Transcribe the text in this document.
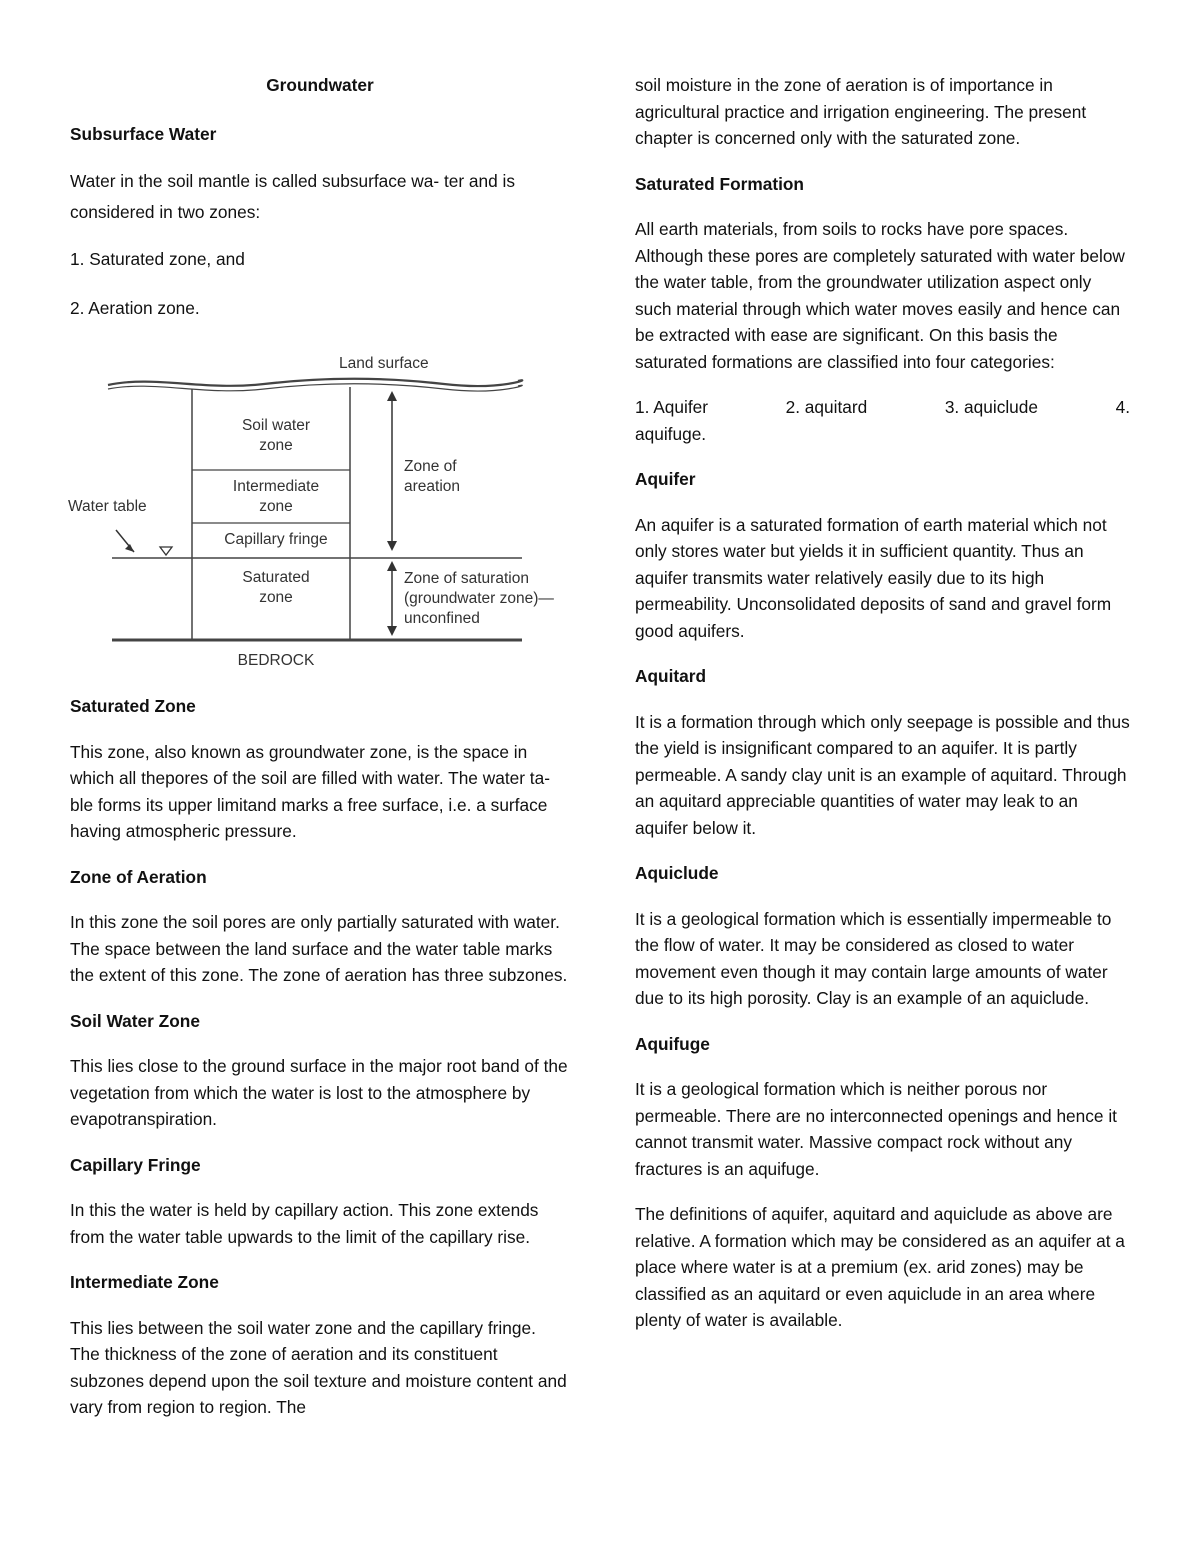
Groundwater
Subsurface Water

Water in the soil mantle is called subsurface wa- ter and is considered in two zones:

1. Saturated zone, and

2. Aeration zone.

Land surface
Soil water
zone
Intermediate
zone
Capillary fringe
Saturated
zone
Water table
Zone of
areation
Zone of saturation
(groundwater zone)—
unconfined
BEDROCK
Saturated Zone

This zone, also known as groundwater zone, is the space in which all thepores of the soil are filled with water. The water ta-ble forms its upper limitand marks a free surface, i.e. a surface having atmospheric pressure.

Zone of Aeration

In this zone the soil pores are only partially saturated with water. The space between the land surface and the water table marks the extent of this zone. The zone of aeration has three subzones.

Soil Water Zone

This lies close to the ground surface in the major root band of the vegetation from which the water is lost to the atmosphere by evapotranspiration.

Capillary Fringe

In this the water is held by capillary action. This zone extends from the water table upwards to the limit of the capillary rise.

Intermediate Zone

This lies between the soil water zone and the capillary fringe. The thickness of the zone of aeration and its constituent subzones depend upon the soil texture and moisture content and vary from region to region. The

soil moisture in the zone of aeration is of importance in agricultural practice and irrigation engineering. The present chapter is concerned only with the saturated zone.

Saturated Formation

All earth materials, from soils to rocks have pore spaces. Although these pores are completely saturated with water below the water table, from the groundwater utilization aspect only such material through which water moves easily and hence can be extracted with ease are significant. On this basis the saturated formations are classified into four categories:

1. Aquifer	2. aquitard	3. aquiclude	4.

aquifuge.

Aquifer

An aquifer is a saturated formation of earth material which not only stores water but yields it in sufficient quantity. Thus an aquifer transmits water relatively easily due to its high permeability. Unconsolidated deposits of sand and gravel form good aquifers.

Aquitard

It is a formation through which only seepage is possible and thus the yield is insignificant compared to an aquifer. It is partly permeable. A sandy clay unit is an example of aquitard. Through an aquitard appreciable quantities of water may leak to an aquifer below it.

Aquiclude

It is a geological formation which is essentially impermeable to the flow of water. It may be considered as closed to water movement even though it may contain large amounts of water due to its high porosity. Clay is an example of an aquiclude.

Aquifuge

It is a geological formation which is neither porous nor permeable. There are no interconnected openings and hence it cannot transmit water. Massive compact rock without any fractures is an aquifuge.

The definitions of aquifer, aquitard and aquiclude as above are relative. A formation which may be considered as an aquifer at a place where water is at a premium (ex. arid zones) may be classified as an aquitard or even aquiclude in an area where plenty of water is available.
